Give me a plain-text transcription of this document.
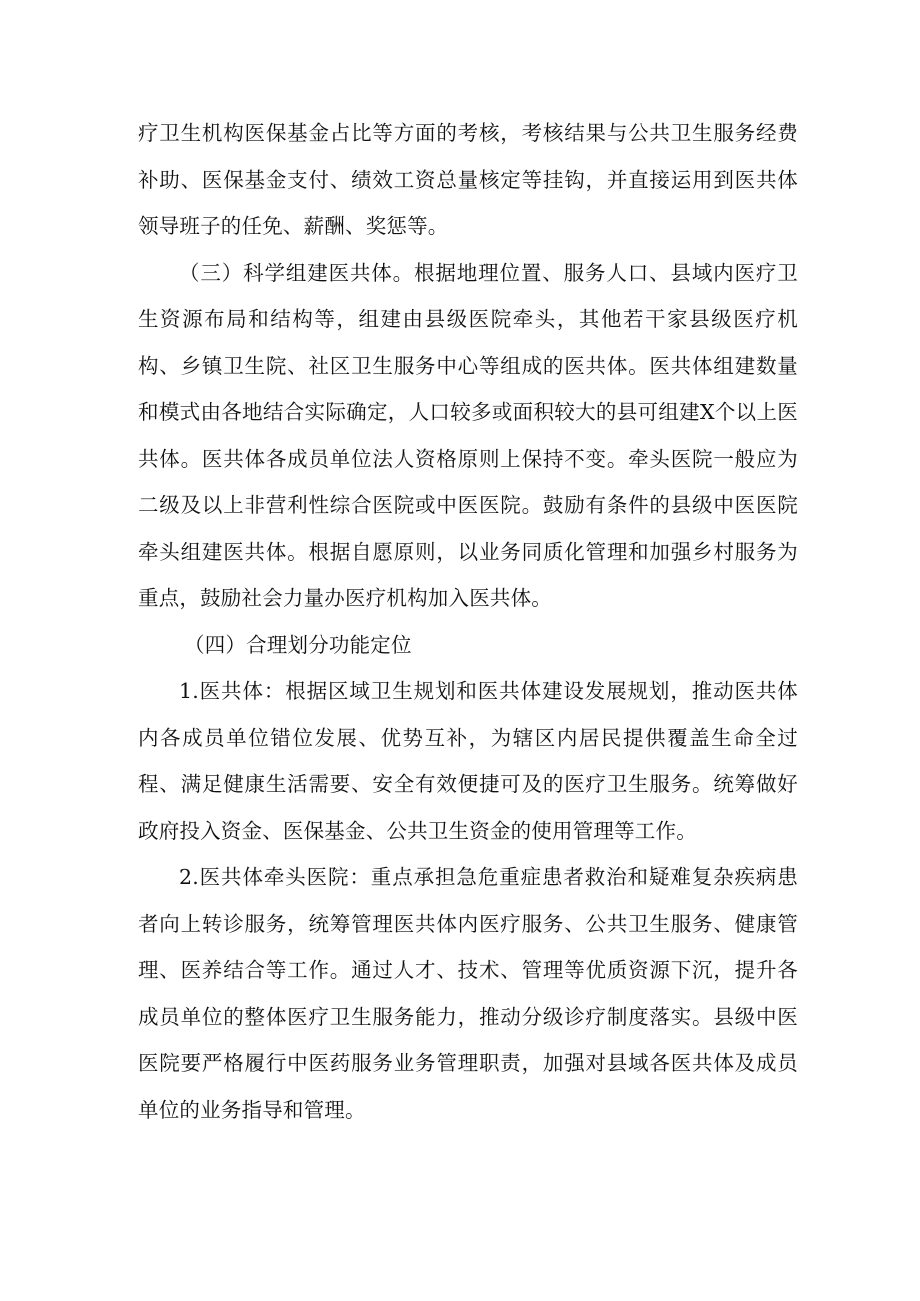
疗卫生机构医保基金占比等方面的考核，考核结果与公共卫生服务经费补助、医保基金支付、绩效工资总量核定等挂钩，并直接运用到医共体领导班子的任免、薪酬、奖惩等。

（三）科学组建医共体。根据地理位置、服务人口、县域内医疗卫生资源布局和结构等，组建由县级医院牵头，其他若干家县级医疗机构、乡镇卫生院、社区卫生服务中心等组成的医共体。医共体组建数量和模式由各地结合实际确定，人口较多或面积较大的县可组建X个以上医共体。医共体各成员单位法人资格原则上保持不变。牵头医院一般应为二级及以上非营利性综合医院或中医医院。鼓励有条件的县级中医医院牵头组建医共体。根据自愿原则，以业务同质化管理和加强乡村服务为重点，鼓励社会力量办医疗机构加入医共体。

（四）合理划分功能定位

1.医共体：根据区域卫生规划和医共体建设发展规划，推动医共体内各成员单位错位发展、优势互补，为辖区内居民提供覆盖生命全过程、满足健康生活需要、安全有效便捷可及的医疗卫生服务。统筹做好政府投入资金、医保基金、公共卫生资金的使用管理等工作。

2.医共体牵头医院：重点承担急危重症患者救治和疑难复杂疾病患者向上转诊服务，统筹管理医共体内医疗服务、公共卫生服务、健康管理、医养结合等工作。通过人才、技术、管理等优质资源下沉，提升各成员单位的整体医疗卫生服务能力，推动分级诊疗制度落实。县级中医医院要严格履行中医药服务业务管理职责，加强对县域各医共体及成员单位的业务指导和管理。
